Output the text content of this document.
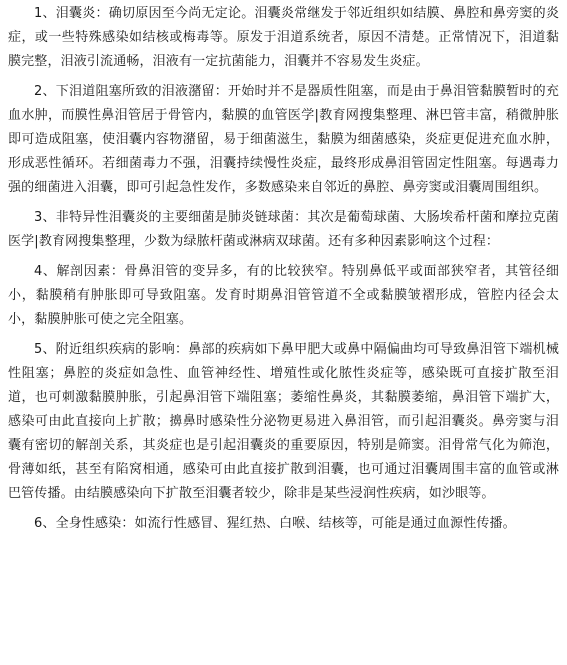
1、泪囊炎：确切原因至今尚无定论。泪囊炎常继发于邻近组织如结膜、鼻腔和鼻旁窦的炎症，或一些特殊感染如结核或梅毒等。原发于泪道系统者，原因不清楚。正常情况下，泪道黏膜完整，泪液引流通畅，泪液有一定抗菌能力，泪囊并不容易发生炎症。

2、下泪道阻塞所致的泪液潴留：开始时并不是器质性阻塞，而是由于鼻泪管黏膜暂时的充血水肿，而膜性鼻泪管居于骨管内，黏膜的血管医学|教育网搜集整理、淋巴管丰富，稍微肿胀即可造成阻塞，使泪囊内容物潴留，易于细菌滋生，黏膜为细菌感染，炎症更促进充血水肿，形成恶性循环。若细菌毒力不强，泪囊持续慢性炎症，最终形成鼻泪管固定性阻塞。每遇毒力强的细菌进入泪囊，即可引起急性发作，多数感染来自邻近的鼻腔、鼻旁窦或泪囊周围组织。

3、非特异性泪囊炎的主要细菌是肺炎链球菌：其次是葡萄球菌、大肠埃希杆菌和摩拉克菌医学|教育网搜集整理，少数为绿脓杆菌或淋病双球菌。还有多种因素影响这个过程：

4、解剖因素：骨鼻泪管的变异多，有的比较狭窄。特别鼻低平或面部狭窄者，其管径细小，黏膜稍有肿胀即可导致阻塞。发育时期鼻泪管管道不全或黏膜皱褶形成，管腔内径会太小，黏膜肿胀可使之完全阻塞。

5、附近组织疾病的影响：鼻部的疾病如下鼻甲肥大或鼻中隔偏曲均可导致鼻泪管下端机械性阻塞；鼻腔的炎症如急性、血管神经性、增殖性或化脓性炎症等，感染既可直接扩散至泪道，也可刺激黏膜肿胀，引起鼻泪管下端阻塞；萎缩性鼻炎，其黏膜萎缩，鼻泪管下端扩大，感染可由此直接向上扩散；擤鼻时感染性分泌物更易进入鼻泪管，而引起泪囊炎。鼻旁窦与泪囊有密切的解剖关系，其炎症也是引起泪囊炎的重要原因，特别是筛窦。泪骨常气化为筛泡，骨薄如纸，甚至有陷窝相通，感染可由此直接扩散到泪囊，也可通过泪囊周围丰富的血管或淋巴管传播。由结膜感染向下扩散至泪囊者较少，除非是某些浸润性疾病，如沙眼等。

6、全身性感染：如流行性感冒、猩红热、白喉、结核等，可能是通过血源性传播。
